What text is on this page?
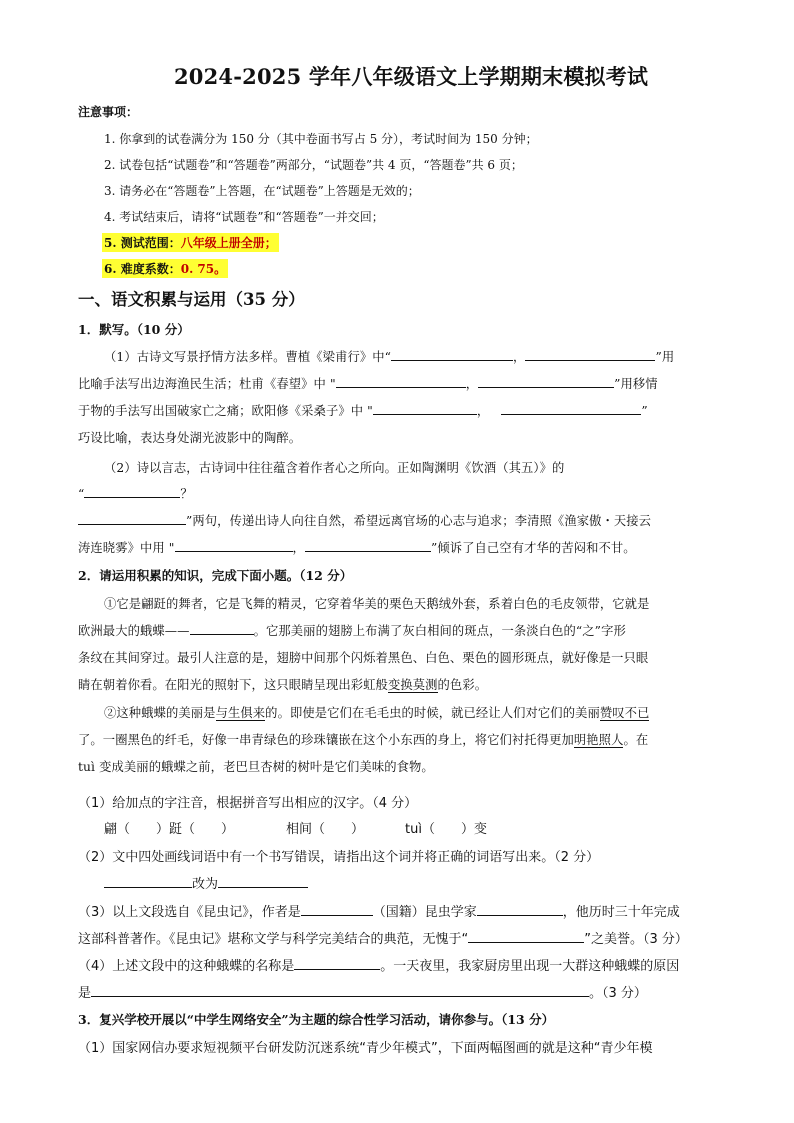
2024-2025 学年八年级语文上学期期末模拟考试
注意事项：
1. 你拿到的试卷满分为 150 分（其中卷面书写占 5 分），考试时间为 150 分钟；
2. 试卷包括“试题卷”和“答题卷”两部分，“试题卷”共 4 页，“答题卷”共 6 页；
3. 请务必在“答题卷”上答题，在“试题卷”上答题是无效的；
4. 考试结束后，请将“试题卷”和“答题卷”一并交回；
5. 测试范围：八年级上册全册；
6. 难度系数：0. 75。
一、语文积累与运用（35 分）
1．默写。（10 分）
（1）古诗文写景抒情方法多样。曹植《梁甫行》中“	，	”用
比喻手法写出边海渔民生活；杜甫《春望》中 "	，	”用移情
于物的手法写出国破家亡之痛；欧阳修《采桑子》中 "	，	”
巧设比喻，表达身处湖光波影中的陶醉。
（2）诗以言志，古诗词中往往蕴含着作者心之所向。正如陶渊明《饮酒（其五）》的
“	？
”两句，传递出诗人向往自然，希望远离官场的心志与追求；李清照《渔家傲・天接云
涛连晓雾》中用 "	，	”倾诉了自己空有才华的苦闷和不甘。
2．请运用积累的知识，完成下面小题。（12 分）
①它是翩跹的舞者，它是飞舞的精灵，它穿着华美的栗色天鹅绒外套，系着白色的毛皮领带，它就是
欧洲最大的蛾蝶——	。它那美丽的翅膀上布满了灰白相间的斑点，一条淡白色的“之”字形
条纹在其间穿过。最引人注意的是，翅膀中间那个闪烁着黑色、白色、栗色的圆形斑点，就好像是一只眼
睛在朝着你看。在阳光的照射下，这只眼睛呈现出彩虹般变换莫测的色彩。
②这种蛾蝶的美丽是与生俱来的。即使是它们在毛毛虫的时候，就已经让人们对它们的美丽赞叹不已
了。一圈黑色的纤毛，好像一串青绿色的珍珠镶嵌在这个小东西的身上，将它们衬托得更加明艳照人。在
tuì 变成美丽的蛾蝶之前，老巴旦杏树的树叶是它们美味的食物。
（1）给加点的字注音，根据拼音写出相应的汉字。（4 分）
翩（　　）跹（　　）	相间（　　）	tuì（　　）变
（2）文中四处画线词语中有一个书写错误，请指出这个词并将正确的词语写出来。（2 分）
改为
（3）以上文段选自《昆虫记》，作者是	（国籍）昆虫学家	，他历时三十年完成
这部科普著作。《昆虫记》堪称文学与科学完美结合的典范，无愧于“	”之美誉。（3 分）
（4）上述文段中的这种蛾蝶的名称是	。一天夜里，我家厨房里出现一大群这种蛾蝶的原因
是	。（3 分）
3．复兴学校开展以“中学生网络安全”为主题的综合性学习活动，请你参与。（13 分）
（1）国家网信办要求短视频平台研发防沉迷系统“青少年模式”，下面两幅图画的就是这种“青少年模
